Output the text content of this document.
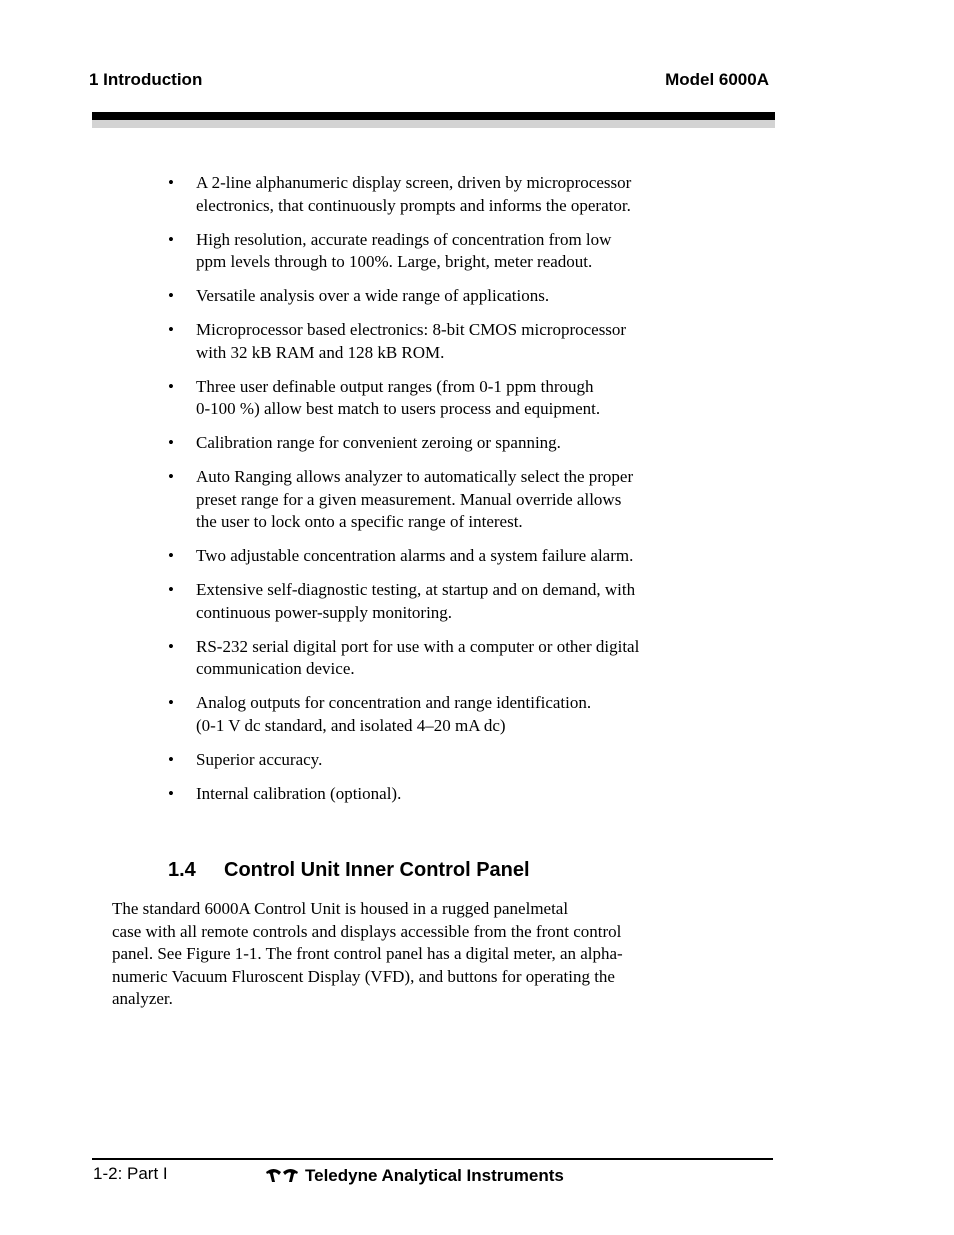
1 Introduction	Model 6000A
• A 2-line alphanumeric display screen, driven by microprocessor
electronics, that continuously prompts and informs the operator.
• High resolution, accurate readings of concentration from low
ppm levels through to 100%. Large, bright, meter readout.
• Versatile analysis over a wide range of applications.
• Microprocessor based electronics: 8-bit CMOS microprocessor
with 32 kB RAM and 128 kB ROM.
• Three user definable output ranges (from 0-1 ppm through
0-100 %) allow best match to users process and equipment.
• Calibration range for convenient zeroing or spanning.
• Auto Ranging allows analyzer to automatically select the proper
preset range for a given measurement. Manual override allows
the user to lock onto a specific range of interest.
• Two adjustable concentration alarms and a system failure alarm.
• Extensive self-diagnostic testing, at startup and on demand, with
continuous power-supply monitoring.
• RS-232 serial digital port for use with a computer or other digital
communication device.
• Analog outputs for concentration and range identification.
(0-1 V dc standard, and isolated 4–20 mA dc)
• Superior accuracy.
• Internal calibration (optional).
1.4 Control Unit Inner Control Panel

The standard 6000A Control Unit is housed in a rugged panelmetal
case with all remote controls and displays accessible from the front control
panel. See Figure 1-1. The front control panel has a digital meter, an alpha-
numeric Vacuum Fluroscent Display (VFD), and buttons for operating the
analyzer.

1-2: Part I	Teledyne Analytical Instruments
